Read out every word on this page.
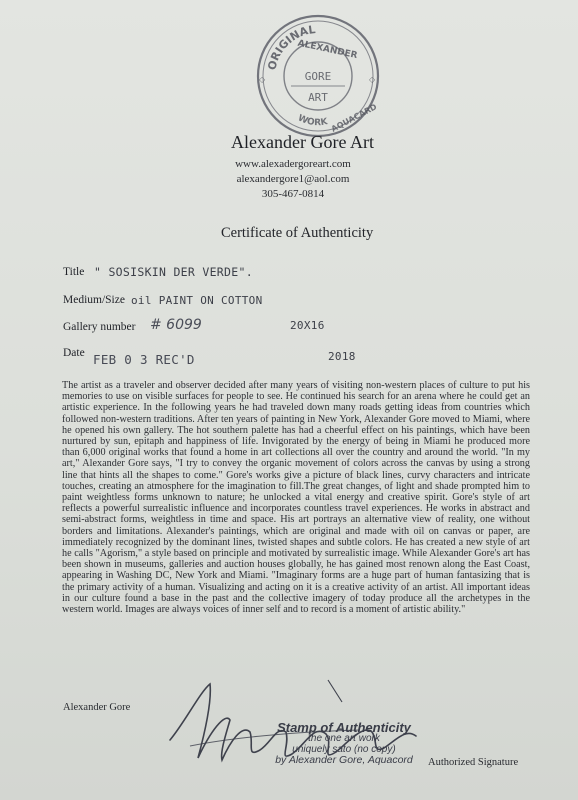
ORIGINAL
ALEXANDER
GORE
ART
WORK AQUACARD
◇	◇
Alexander Gore Art
www.alexadergoreart.com
alexandergore1@aol.com
305-467-0814
Certificate of Authenticity
Title " SOSISKIN DER VERDE".
Medium/Size oil PAINT ON COTTON
Gallery number # 6099	20X16
Date FEB 0 3 REC'D	2018

The artist as a traveler and observer decided after many years of visiting non-western places of culture to put his memories to use on visible surfaces for people to see. He continued his search for an arena where he could get an artistic experience. In the following years he had traveled down many roads getting ideas from countries which followed non-western traditions. After ten years of painting in New York, Alexander Gore moved to Miami, where he opened his own gallery. The hot southern palette has had a cheerful effect on his paintings, which have been nurtured by sun, epitaph and happiness of life. Invigorated by the energy of being in Miami he produced more than 6,000 original works that found a home in art collections all over the country and around the world. "In my art," Alexander Gore says, "I try to convey the organic movement of colors across the canvas by using a strong line that hints all the shapes to come." Gore's works give a picture of black lines, curvy characters and intricate touches, creating an atmosphere for the imagination to fill.The great changes, of light and shade prompted him to paint weightless forms unknown to nature; he unlocked a vital energy and creative spirit. Gore's style of art reflects a powerful surrealistic influence and incorporates countless travel experiences. He works in abstract and semi-abstract forms, weightless in time and space. His art portrays an alternative view of reality, one without borders and limitations. Alexander's paintings, which are original and made with oil on canvas or paper, are immediately recognized by the dominant lines, twisted shapes and subtle colors. He has created a new style of art he calls "Agorism," a style based on principle and motivated by surrealistic image. While Alexander Gore's art has been shown in museums, galleries and auction houses globally, he has gained most renown along the East Coast, appearing in Washing DC, New York and Miami. "Imaginary forms are a huge part of human fantasizing that is the primary activity of a human. Visualizing and acting on it is a creative activity of an artist. All important ideas in our culture found a base in the past and the collective imagery of today produce all the archetypes in the western world. Images are always voices of inner self and to record is a moment of artistic ability."

Alexander Gore
Stamp of Authenticity
the one art work
uniquely sato (no copy)
by Alexander Gore, Aquacord	Authorized Signature
